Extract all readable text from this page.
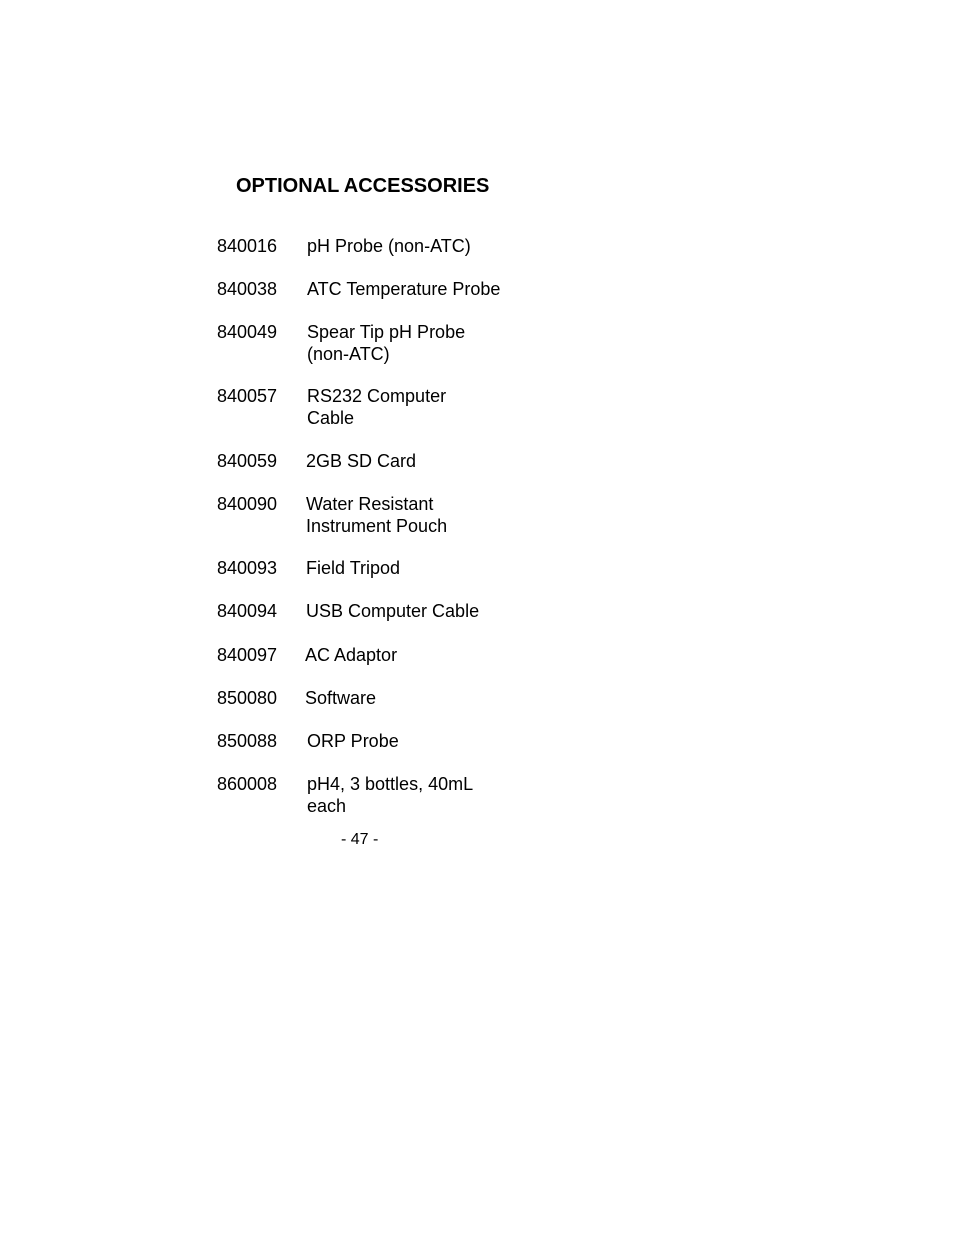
OPTIONAL ACCESSORIES
840016 pH Probe (non-ATC)
840038 ATC Temperature Probe
840049 Spear Tip pH Probe
(non-ATC)
840057 RS232 Computer
Cable
840059 2GB SD Card
840090 Water Resistant
Instrument Pouch
840093 Field Tripod
840094 USB Computer Cable
840097 AC Adaptor
850080 Software
850088 ORP Probe
860008 pH4, 3 bottles, 40mL
each
- 47 -
